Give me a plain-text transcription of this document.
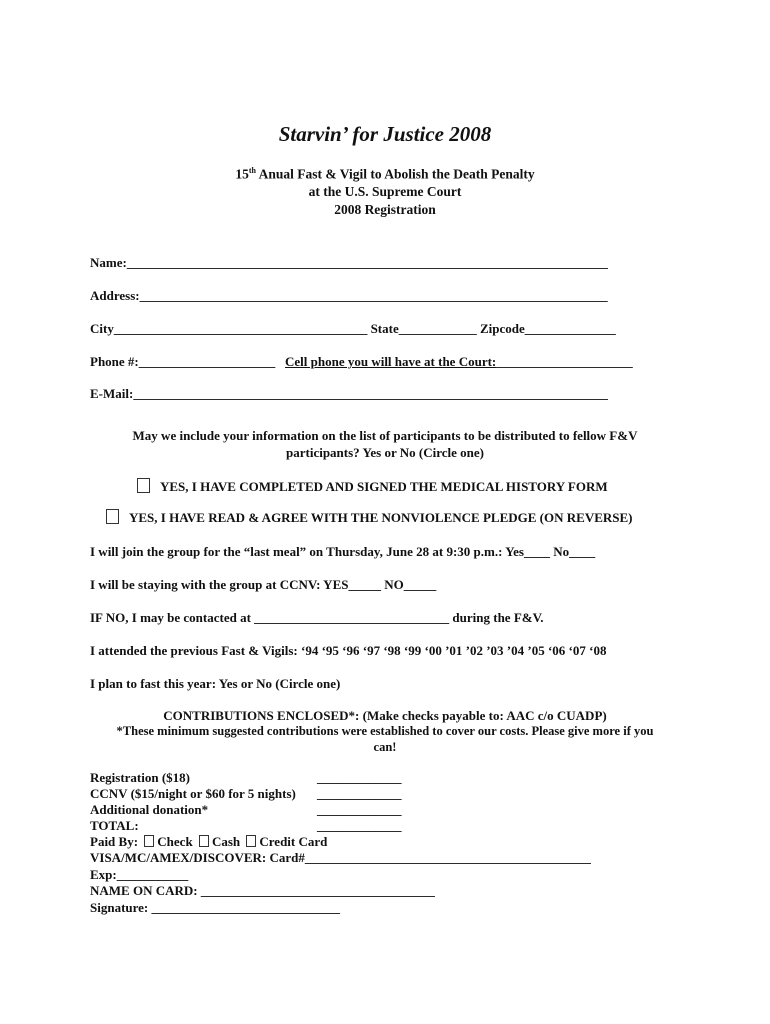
Starvin’ for Justice 2008
15th Anual Fast & Vigil to Abolish the Death Penalty
at the U.S. Supreme Court
2008 Registration
Name:__________________________________________________________________________
Address:________________________________________________________________________
City_______________________________________ State____________ Zipcode______________
Phone #:_____________________ Cell phone you will have at the Court:_____________________
E-Mail:_________________________________________________________________________
May we include your information on the list of participants to be distributed to fellow F&V
participants? Yes or No (Circle one)
YES, I HAVE COMPLETED AND SIGNED THE MEDICAL HISTORY FORM
YES, I HAVE READ & AGREE WITH THE NONVIOLENCE PLEDGE (ON REVERSE)
I will join the group for the “last meal” on Thursday, June 28 at 9:30 p.m.: Yes____ No____
I will be staying with the group at CCNV: YES_____ NO_____
IF NO, I may be contacted at ______________________________ during the F&V.
I attended the previous Fast & Vigils: ‘94 ‘95 ‘96 ‘97 ‘98 ‘99 ‘00 ’01 ’02 ’03 ’04 ’05 ‘06 ‘07 ‘08
I plan to fast this year: Yes or No (Circle one)
CONTRIBUTIONS ENCLOSED*: (Make checks payable to: AAC c/o CUADP)
*These minimum suggested contributions were established to cover our costs. Please give more if you
can!
Registration ($18)	_____________
CCNV ($15/night or $60 for 5 nights) _____________
Additional donation*	_____________
TOTAL:	_____________
Paid By: Check Cash Credit Card
VISA/MC/AMEX/DISCOVER: Card#____________________________________________
Exp:___________
NAME ON CARD: ____________________________________
Signature: _____________________________
